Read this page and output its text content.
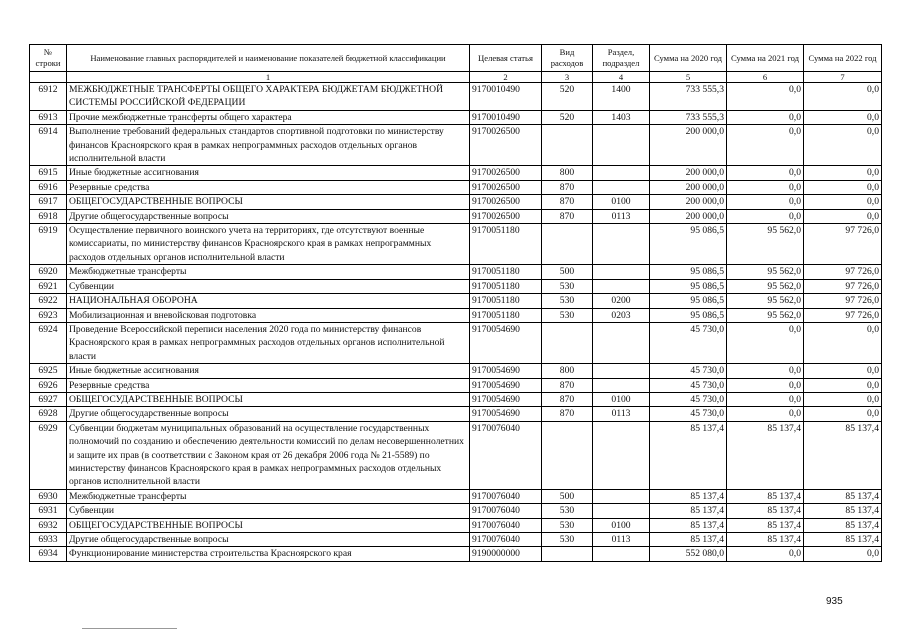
№
строки	Наименование главных распорядителей и наименование показателей бюджетной классификации	Целевая статья	Вид расходов	Раздел, подраздел	Сумма на 2020 год	Сумма на 2021 год	Сумма на 2022 год
	1	2	3	4	5	6	7
6912	МЕЖБЮДЖЕТНЫЕ ТРАНСФЕРТЫ ОБЩЕГО ХАРАКТЕРА БЮДЖЕТАМ БЮДЖЕТНОЙ СИСТЕМЫ РОССИЙСКОЙ ФЕДЕРАЦИИ	9170010490	520	1400	733 555,3	0,0	0,0
6913	Прочие межбюджетные трансферты общего характера	9170010490	520	1403	733 555,3	0,0	0,0
6914	Выполнение требований федеральных стандартов спортивной подготовки по министерству финансов Красноярского края в рамках непрограммных расходов отдельных органов исполнительной власти	9170026500			200 000,0	0,0	0,0
6915	Иные бюджетные ассигнования	9170026500	800		200 000,0	0,0	0,0
6916	Резервные средства	9170026500	870		200 000,0	0,0	0,0
6917	ОБЩЕГОСУДАРСТВЕННЫЕ ВОПРОСЫ	9170026500	870	0100	200 000,0	0,0	0,0
6918	Другие общегосударственные вопросы	9170026500	870	0113	200 000,0	0,0	0,0
6919	Осуществление первичного воинского учета на территориях, где отсутствуют военные комиссариаты, по министерству финансов Красноярского края в рамках непрограммных расходов отдельных органов исполнительной власти	9170051180			95 086,5	95 562,0	97 726,0
6920	Межбюджетные трансферты	9170051180	500		95 086,5	95 562,0	97 726,0
6921	Субвенции	9170051180	530		95 086,5	95 562,0	97 726,0
6922	НАЦИОНАЛЬНАЯ ОБОРОНА	9170051180	530	0200	95 086,5	95 562,0	97 726,0
6923	Мобилизационная и вневойсковая подготовка	9170051180	530	0203	95 086,5	95 562,0	97 726,0
6924	Проведение Всероссийской переписи населения 2020 года по министерству финансов Красноярского края в рамках непрограммных расходов отдельных органов исполнительной власти	9170054690			45 730,0	0,0	0,0
6925	Иные бюджетные ассигнования	9170054690	800		45 730,0	0,0	0,0
6926	Резервные средства	9170054690	870		45 730,0	0,0	0,0
6927	ОБЩЕГОСУДАРСТВЕННЫЕ ВОПРОСЫ	9170054690	870	0100	45 730,0	0,0	0,0
6928	Другие общегосударственные вопросы	9170054690	870	0113	45 730,0	0,0	0,0
6929	Субвенции бюджетам муниципальных образований на осуществление государственных полномочий по созданию и обеспечению деятельности комиссий по делам несовершеннолетних и защите их прав (в соответствии с Законом края от 26 декабря 2006 года № 21-5589) по министерству финансов Красноярского края в рамках непрограммных расходов отдельных органов исполнительной власти	9170076040			85 137,4	85 137,4	85 137,4
6930	Межбюджетные трансферты	9170076040	500		85 137,4	85 137,4	85 137,4
6931	Субвенции	9170076040	530		85 137,4	85 137,4	85 137,4
6932	ОБЩЕГОСУДАРСТВЕННЫЕ ВОПРОСЫ	9170076040	530	0100	85 137,4	85 137,4	85 137,4
6933	Другие общегосударственные вопросы	9170076040	530	0113	85 137,4	85 137,4	85 137,4
6934	Функционирование министерства строительства Красноярского края	9190000000			552 080,0	0,0	0,0
935
